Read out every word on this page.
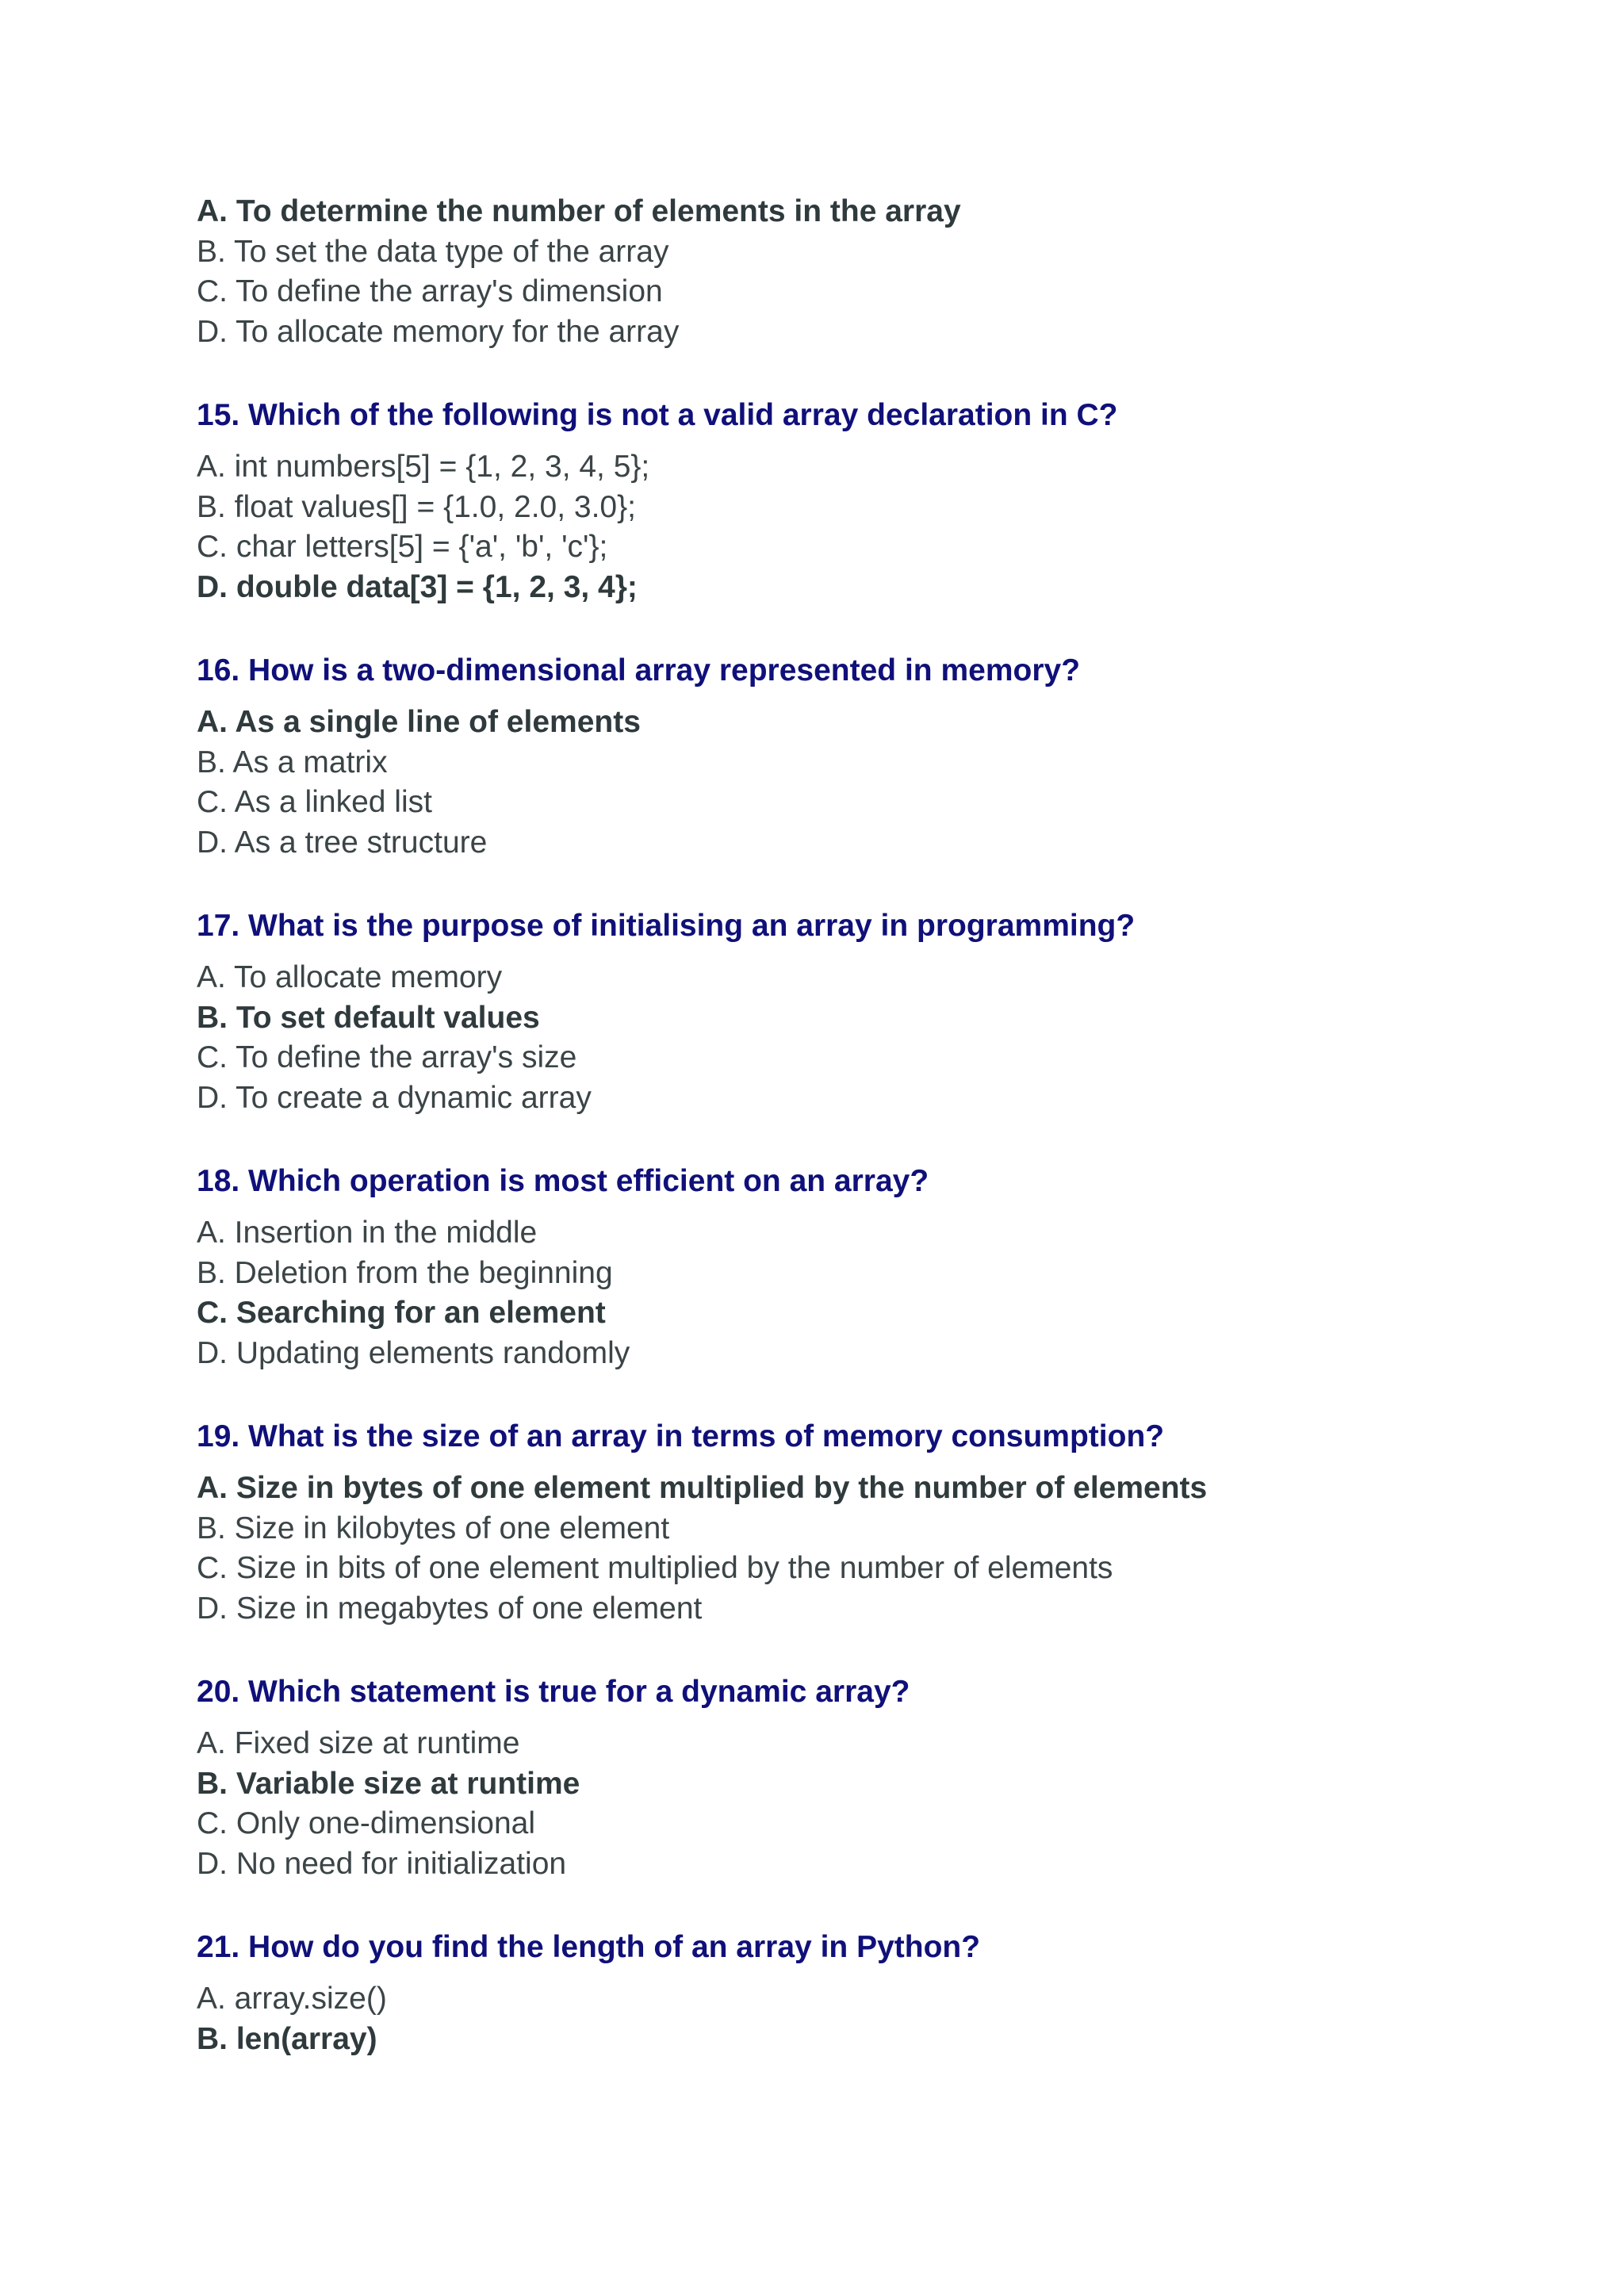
A. To determine the number of elements in the array
B. To set the data type of the array
C. To define the array's dimension
D. To allocate memory for the array
15. Which of the following is not a valid array declaration in C?
A. int numbers[5] = {1, 2, 3, 4, 5};
B. float values[] = {1.0, 2.0, 3.0};
C. char letters[5] = {'a', 'b', 'c'};
D. double data[3] = {1, 2, 3, 4};
16. How is a two-dimensional array represented in memory?
A. As a single line of elements
B. As a matrix
C. As a linked list
D. As a tree structure
17. What is the purpose of initialising an array in programming?
A. To allocate memory
B. To set default values
C. To define the array's size
D. To create a dynamic array
18. Which operation is most efficient on an array?
A. Insertion in the middle
B. Deletion from the beginning
C. Searching for an element
D. Updating elements randomly
19. What is the size of an array in terms of memory consumption?
A. Size in bytes of one element multiplied by the number of elements
B. Size in kilobytes of one element
C. Size in bits of one element multiplied by the number of elements
D. Size in megabytes of one element
20. Which statement is true for a dynamic array?
A. Fixed size at runtime
B. Variable size at runtime
C. Only one-dimensional
D. No need for initialization
21. How do you find the length of an array in Python?
A. array.size()
B. len(array)
